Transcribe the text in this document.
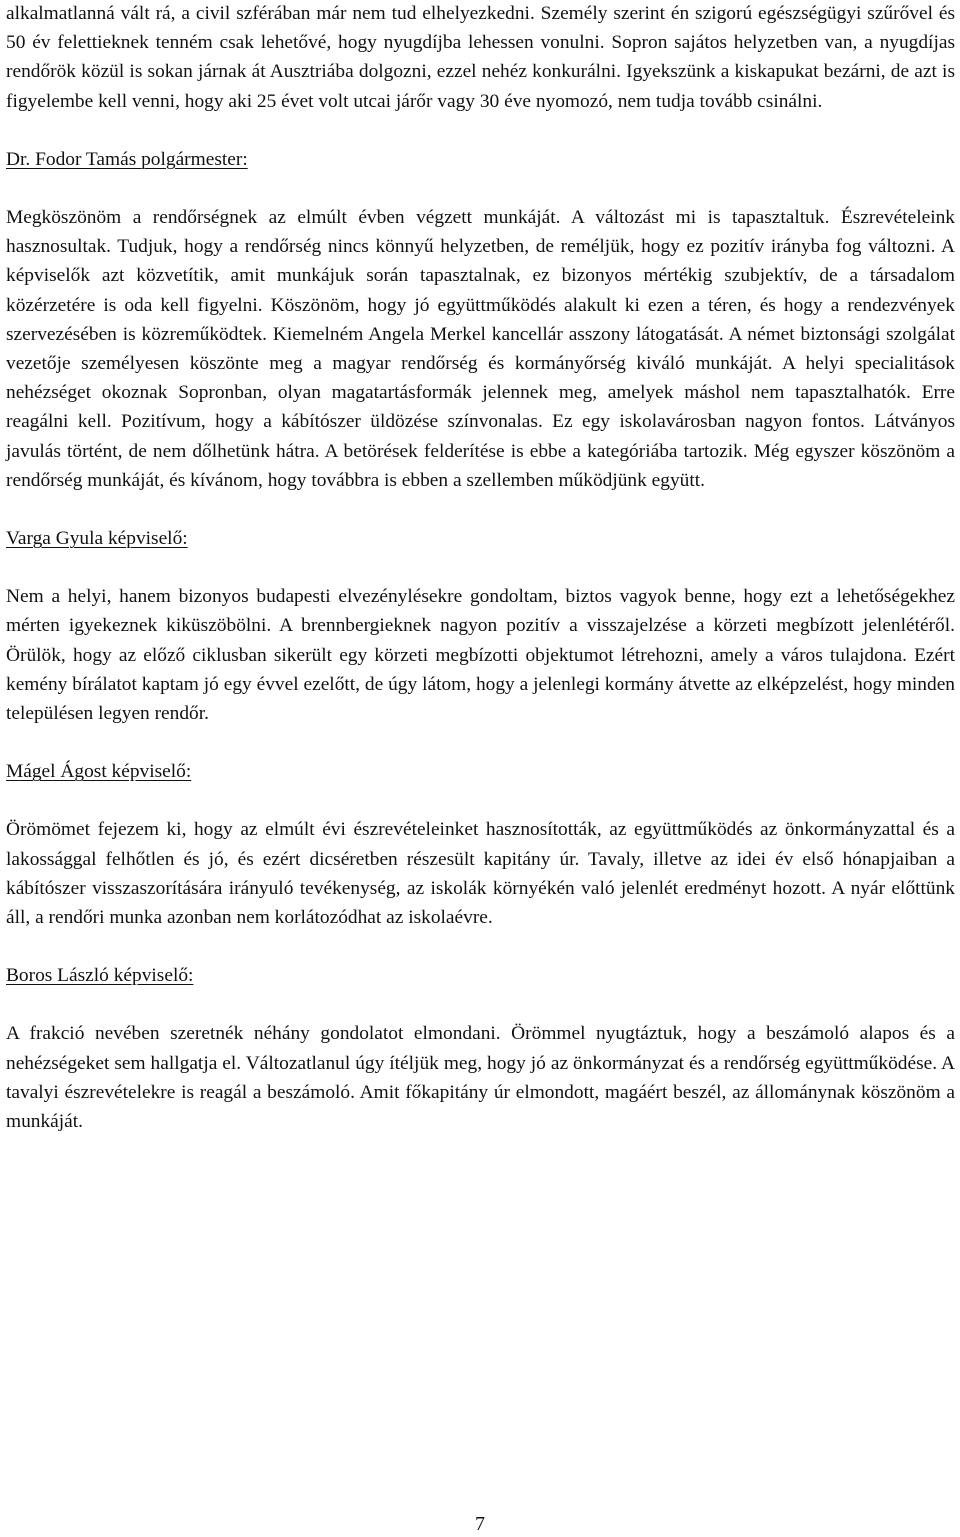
alkalmatlanná vált rá, a civil szférában már nem tud elhelyezkedni. Személy szerint én szigorú egészségügyi szűrővel és 50 év felettieknek tenném csak lehetővé, hogy nyugdíjba lehessen vonulni. Sopron sajátos helyzetben van, a nyugdíjas rendőrök közül is sokan járnak át Ausztriába dolgozni, ezzel nehéz konkurálni. Igyekszünk a kiskapukat bezárni, de azt is figyelembe kell venni, hogy aki 25 évet volt utcai járőr vagy 30 éve nyomozó, nem tudja tovább csinálni.

Dr. Fodor Tamás polgármester:

Megköszönöm a rendőrségnek az elmúlt évben végzett munkáját. A változást mi is tapasztaltuk. Észrevételeink hasznosultak. Tudjuk, hogy a rendőrség nincs könnyű helyzetben, de reméljük, hogy ez pozitív irányba fog változni. A képviselők azt közvetítik, amit munkájuk során tapasztalnak, ez bizonyos mértékig szubjektív, de a társadalom közérzetére is oda kell figyelni. Köszönöm, hogy jó együttműködés alakult ki ezen a téren, és hogy a rendezvények szervezésében is közreműködtek. Kiemelném Angela Merkel kancellár asszony látogatását. A német biztonsági szolgálat vezetője személyesen köszönte meg a magyar rendőrség és kormányőrség kiváló munkáját. A helyi specialitások nehézséget okoznak Sopronban, olyan magatartásformák jelennek meg, amelyek máshol nem tapasztalhatók. Erre reagálni kell. Pozitívum, hogy a kábítószer üldözése színvonalas. Ez egy iskolavárosban nagyon fontos. Látványos javulás történt, de nem dőlhetünk hátra. A betörések felderítése is ebbe a kategóriába tartozik. Még egyszer köszönöm a rendőrség munkáját, és kívánom, hogy továbbra is ebben a szellemben működjünk együtt.

Varga Gyula képviselő:

Nem a helyi, hanem bizonyos budapesti elvezénylésekre gondoltam, biztos vagyok benne, hogy ezt a lehetőségekhez mérten igyekeznek kiküszöbölni. A brennbergieknek nagyon pozitív a visszajelzése a körzeti megbízott jelenlétéről. Örülök, hogy az előző ciklusban sikerült egy körzeti megbízotti objektumot létrehozni, amely a város tulajdona. Ezért kemény bírálatot kaptam jó egy évvel ezelőtt, de úgy látom, hogy a jelenlegi kormány átvette az elképzelést, hogy minden településen legyen rendőr.

Mágel Ágost képviselő:

Örömömet fejezem ki, hogy az elmúlt évi észrevételeinket hasznosították, az együttműködés az önkormányzattal és a lakossággal felhőtlen és jó, és ezért dicséretben részesült kapitány úr. Tavaly, illetve az idei év első hónapjaiban a kábítószer visszaszorítására irányuló tevékenység, az iskolák környékén való jelenlét eredményt hozott. A nyár előttünk áll, a rendőri munka azonban nem korlátozódhat az iskolaévre.

Boros László képviselő:

A frakció nevében szeretnék néhány gondolatot elmondani. Örömmel nyugtáztuk, hogy a beszámoló alapos és a nehézségeket sem hallgatja el. Változatlanul úgy ítéljük meg, hogy jó az önkormányzat és a rendőrség együttműködése. A tavalyi észrevételekre is reagál a beszámoló. Amit főkapitány úr elmondott, magáért beszél, az állománynak köszönöm a munkáját.

7
